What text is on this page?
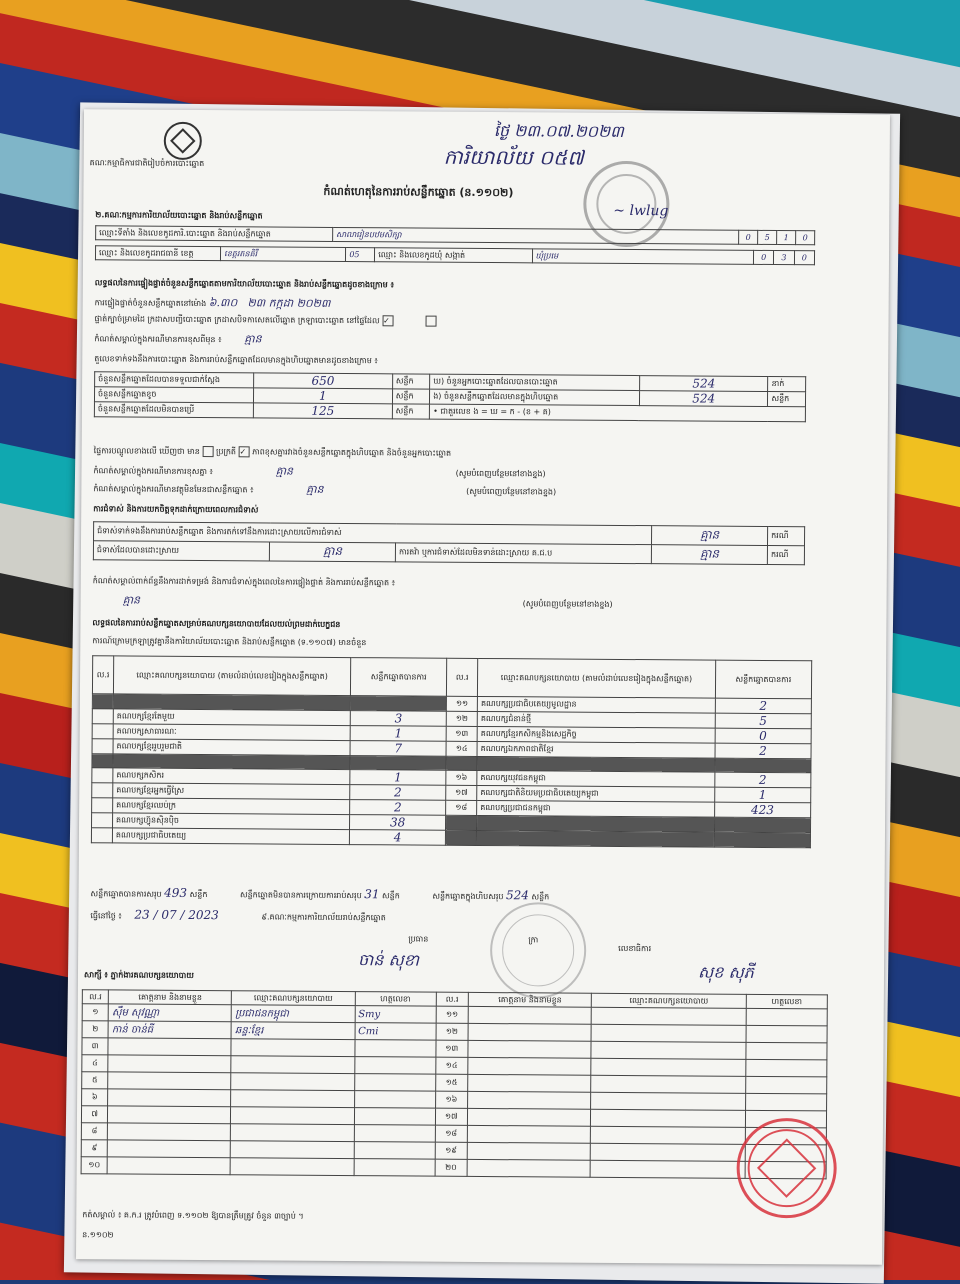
គណៈកម្មាធិការជាតិរៀបចំការបោះឆ្នោត
ថ្ងៃ ២៣.០៧.២០២៣
ការិយាល័យ ០៥៧
~ lwlug
កំណត់ហេតុនៃការរាប់សន្លឹកឆ្នោត (ន.១១០២)
២.គណៈកម្មការការិយាល័យបោះឆ្នោត និងរាប់សន្លឹកឆ្នោត
ឈ្មោះទីតាំង និងលេខកូដការិ.បោះឆ្នោត និងរាប់សន្លឹកឆ្នោត	សាលារៀនបឋមសិក្សា	0	5	1	0
ឈ្មោះ និងលេខកូដរាជធានី ខេត្ត	ខេត្តរតនគិរី	05	ឈ្មោះ និងលេខកូដឃុំ សង្កាត់	ឃុំប្រមេ	0	3	0
លទ្ធផលនៃការផ្ទៀងផ្ទាត់ចំនួនសន្លឹកឆ្នោតតាមការិយាល័យបោះឆ្នោត និងរាប់សន្លឹកឆ្នោតដូចខាងក្រោម ៖
ការផ្ទៀងផ្ទាត់ចំនួនសន្លឹកឆ្នោតនៅម៉ោង ៦.៣០ ២៣ កក្កដា ២០២៣
ផ្ទាត់ក្បាច់ម្រាមដៃ ក្រដាសបញ្ជីបោះឆ្នោត ក្រដាសបិទកាសេតលើឆ្នោត ក្រឡាបោះឆ្នោត នៅផ្ទៃដែល ✓
កំណត់សម្គាល់ក្នុងករណីមានការខុសពីមុន ៖ គ្មាន
តួលេខទាក់ទងនឹងការបោះឆ្នោត និងការរាប់សន្លឹកឆ្នោតដែលមានក្នុងហិបឆ្នោតមានដូចខាងក្រោម ៖
ចំនួនសន្លឹកឆ្នោតដែលបានទទួលជាក់ស្តែង	650	សន្លឹក	ឃ) ចំនួនអ្នកបោះឆ្នោតដែលបានបោះឆ្នោត	524	នាក់
ចំនួនសន្លឹកឆ្នោតខូច	1	សន្លឹក	ង) ចំនួនសន្លឹកឆ្នោតដែលមានក្នុងហិបឆ្នោត	524	សន្លឹក
ចំនួនសន្លឹកឆ្នោតដែលមិនបានប្រើ	125	សន្លឹក	• ជាតួរលេខ ង = ឃ = ក - (ខ + គ)		
ផ្ទៃការបណ្ដូលខាងលើ ឃើញថា មាន ប្រក្រតី ✓ ភាពខុសគ្នារវាងចំនួនសន្លឹកឆ្នោតក្នុងហិបឆ្នោត និងចំនួនអ្នកបោះឆ្នោត
កំណត់សម្គាល់ក្នុងករណីមានការខុសគ្នា ៖	គ្មាន	(សូមបំពេញបន្ថែមនៅខាងខ្នង)
កំណត់សម្គាល់ក្នុងករណីមានវត្ថុមិនមែនជាសន្លឹកឆ្នោត ៖	គ្មាន	(សូមបំពេញបន្ថែមនៅខាងខ្នង)
ការជំទាស់ និងការយកចិត្តទុកដាក់ក្រោយពេលការជំទាស់
ជំទាស់ទាក់ទងនឹងការរាប់សន្លឹកឆ្នោត និងការតក់ទៅនឹងការដោះស្រាយលើការជំទាស់			គ្មាន	ករណី
ជំទាស់ដែលបានដោះស្រាយ	គ្មាន	ការតវ៉ា ឬការជំទាស់ដែលមិនទាន់ដោះស្រាយ គ.ជ.ប	គ្មាន	ករណី
កំណត់សម្គាល់ពាក់ព័ន្ធនឹងការដាក់ទម្រង់ និងការជំទាស់ក្នុងពេលនៃការផ្ទៀងផ្ទាត់ និងការរាប់សន្លឹកឆ្នោត ៖
គ្មាន	(សូមបំពេញបន្ថែមនៅខាងខ្នង)
លទ្ធផលនៃការរាប់សន្លឹកឆ្នោតសម្រាប់គណបក្សនយោបាយដែលយល់ព្រមដាក់បេក្ខជន
ការណ៍ក្រោមក្រឡាត្រូវគ្នានឹងការិយាល័យបោះឆ្នោត និងរាប់សន្លឹកឆ្នោត (ទ.១១០៧) មានចំនួន
ល.រ	ឈ្មោះគណបក្សនយោបាយ (តាមលំដាប់លេខរៀងក្នុងសន្លឹកឆ្នោត)	សន្លឹកឆ្នោតបានការ	ល.រ	ឈ្មោះគណបក្សនយោបាយ (តាមលំដាប់លេខរៀងក្នុងសន្លឹកឆ្នោត)	សន្លឹកឆ្នោតបានការ
			១១	គណបក្សប្រជាធិបតេយ្យមូលដ្ឋាន	2
	គណបក្សខ្មែរតែមួយ	3	១២	គណបក្សជំនាន់ថ្មី	5
	គណបក្សសាធារណៈ	1	១៣	គណបក្សខ្មែរកសិកម្មនិងសេដ្ឋកិច្ច	0
	គណបក្សខ្មែររួបរួមជាតិ	7	១៤	គណបក្សឯកភាពជាតិខ្មែរ	2

	គណបក្សកសិករ	1	១៦	គណបក្សយុវជនកម្ពុជា	2
	គណបក្សខ្មែរអ្នកធ្វើស្រែ	2	១៧	គណបក្សជាតិនិយមប្រជាធិបតេយ្យកម្ពុជា	1
	គណបក្សខ្មែរឈប់ក្រ	2	១៨	គណបក្សប្រជាជនកម្ពុជា	423
	គណបក្សហ៊្វុនស៊ិនប៉ិច	38			
	គណបក្សប្រជាធិបតេយ្យ	4			
សន្លឹកឆ្នោតបានការសរុប 493 សន្លឹក	សន្លឹកឆ្នោតមិនបានការក្រោយការរាប់សរុប 31 សន្លឹក	សន្លឹកឆ្នោតក្នុងហិបសរុប 524 សន្លឹក
ធ្វើនៅថ្ងៃ ៖ 23 / 07 / 2023	៩.គណៈកម្មការការិយាល័យរាប់សន្លឹកឆ្នោត
ប្រធាន	ក្រា
លេខាធិការ
ចាន់ សុខា
សុខ សុភី
សាក្សី ៖ ភ្នាក់ងារគណបក្សនយោបាយ
ល.រ	គោត្តនាម និងនាមខ្លួន	ឈ្មោះគណបក្សនយោបាយ	ហត្ថលេខា	ល.រ	គោត្តនាម និងនាមខ្លួន	ឈ្មោះគណបក្សនយោបាយ	ហត្ថលេខា
១	ស៊ឹម សុវណ្ណា	ប្រជាជនកម្ពុជា	Smy	១១			
២	កាន់ ចាន់ធី	ឆន្ទៈខ្មែរ	Cmi	១២			
៣				១៣			
៤				១៤			
៥				១៥			
៦				១៦			
៧				១៧			
៨				១៨			
៩				១៩			
១០				២០			
កត់សម្គាល់ ៖ គ.ក.រ ត្រូវបំពេញ ទ.១១០២ ឱ្យបានត្រឹមត្រូវ ចំនួន ៣ច្បាប់ ។
ន.១១០២
